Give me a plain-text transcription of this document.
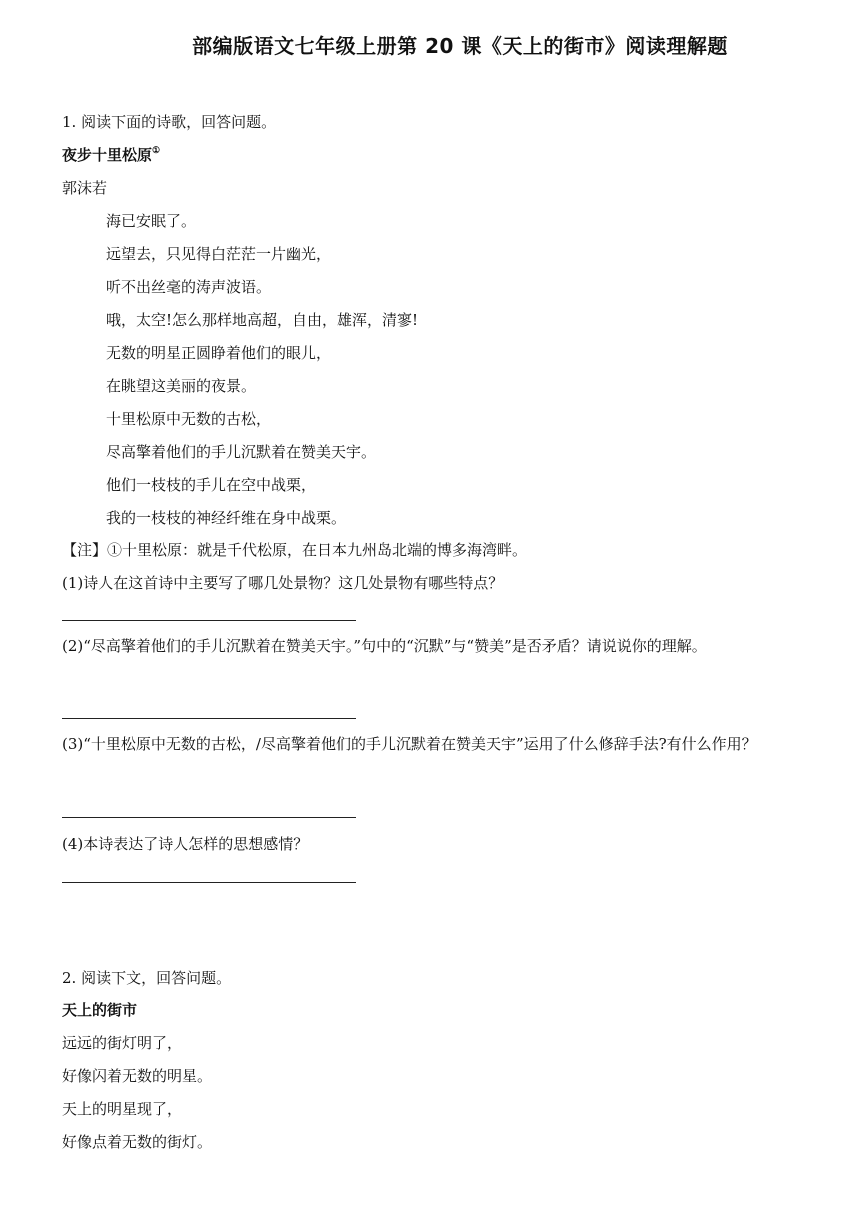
部编版语文七年级上册第 20 课《天上的街市》阅读理解题
1. 阅读下面的诗歌，回答问题。
夜步十里松原①
郭沫若
海已安眠了。
远望去，只见得白茫茫一片幽光，
听不出丝毫的涛声波语。
哦，太空!怎么那样地高超，自由，雄浑，清寥!
无数的明星正圆睁着他们的眼儿，
在眺望这美丽的夜景。
十里松原中无数的古松，
尽高擎着他们的手儿沉默着在赞美天宇。
他们一枝枝的手儿在空中战栗，
我的一枝枝的神经纤维在身中战栗。
【注】①十里松原：就是千代松原，在日本九州岛北端的博多海湾畔。
(1)诗人在这首诗中主要写了哪几处景物？这几处景物有哪些特点？
(2)“尽高擎着他们的手儿沉默着在赞美天宇。”句中的“沉默”与“赞美”是否矛盾？请说说你的理解。
(3)“十里松原中无数的古松，/尽高擎着他们的手儿沉默着在赞美天宇”运用了什么修辞手法?有什么作用？
(4)本诗表达了诗人怎样的思想感情？
2. 阅读下文，回答问题。
天上的街市
远远的街灯明了，
好像闪着无数的明星。
天上的明星现了，
好像点着无数的街灯。
